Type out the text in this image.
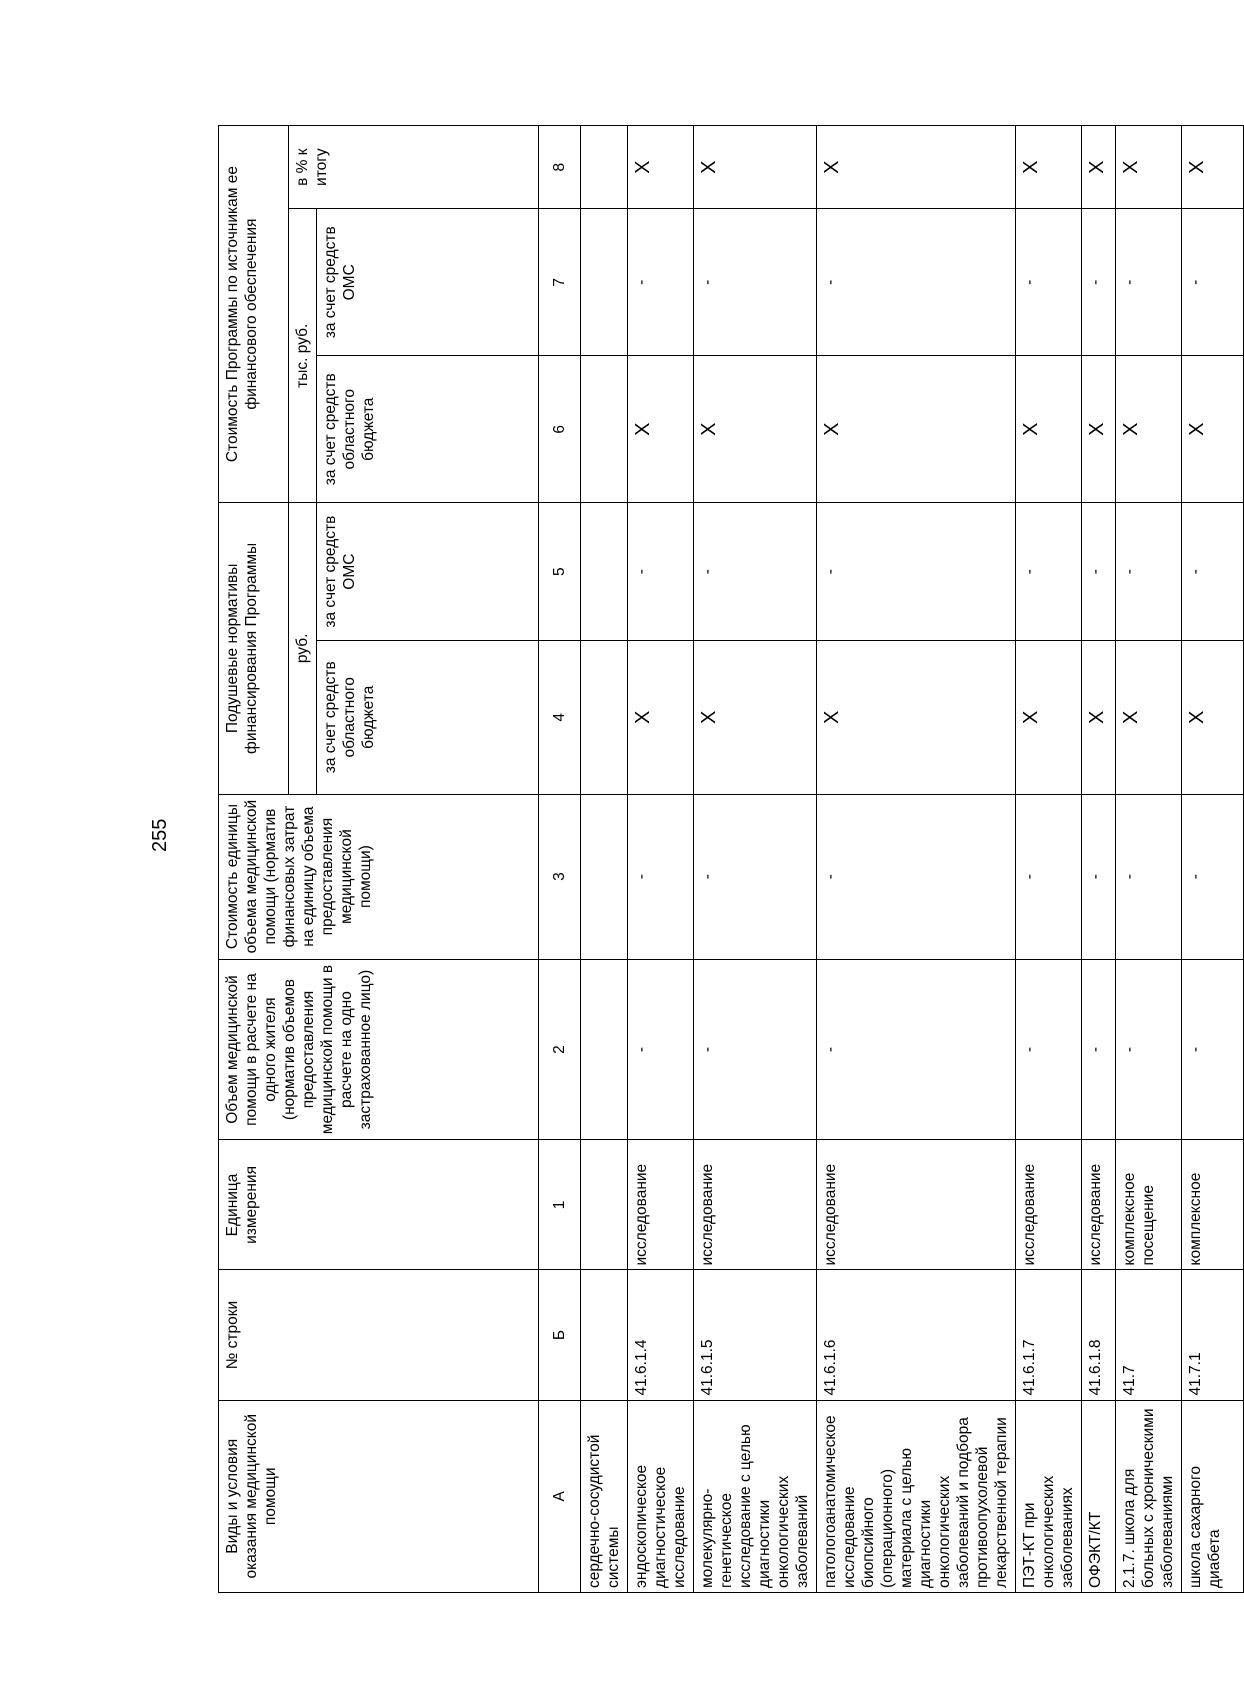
255
Виды и условия оказания медицинской помощи	№ строки	Единица измерения	Объем медицинской помощи в расчете на одного жителя (норматив объемов предоставления медицинской помощи в расчете на одно застрахованное лицо)	Стоимость единицы объема медицинской помощи (норматив финансовых затрат на единицу объема предоставления медицинской помощи)	Подушевые нормативы финансирования Программы		Стоимость Программы по источникам ее финансового обеспечения		
					руб.		тыс. руб.		в % к итогу
					за счет средств областного бюджета	за счет средств ОМС	за счет средств областного бюджета	за счет средств ОМС	
А	Б	1	2	3	4	5	6	7	8
сердечно-сосудистой системы									
эндоскопическое диагностическое исследование	41.6.1.4	исследование	-	-	X	-	X	-	X
молекулярно-генетическое исследование с целью диагностики онкологических заболеваний	41.6.1.5	исследование	-	-	X	-	X	-	X
патологоанатомическое исследование биопсийного (операционного) материала с целью диагностики онкологических заболеваний и подбора противоопухолевой лекарственной терапии	41.6.1.6	исследование	-	-	X	-	X	-	X
ПЭТ-КТ при онкологических заболеваниях	41.6.1.7	исследование	-	-	X	-	X	-	X
ОФЭКТ/КТ	41.6.1.8	исследование	-	-	X	-	X	-	X
2.1.7. школа для больных с хроническими заболеваниями	41.7	комплексное посещение	-	-	X	-	X	-	X
школа сахарного диабета	41.7.1	комплексное	-	-	X	-	X	-	X
